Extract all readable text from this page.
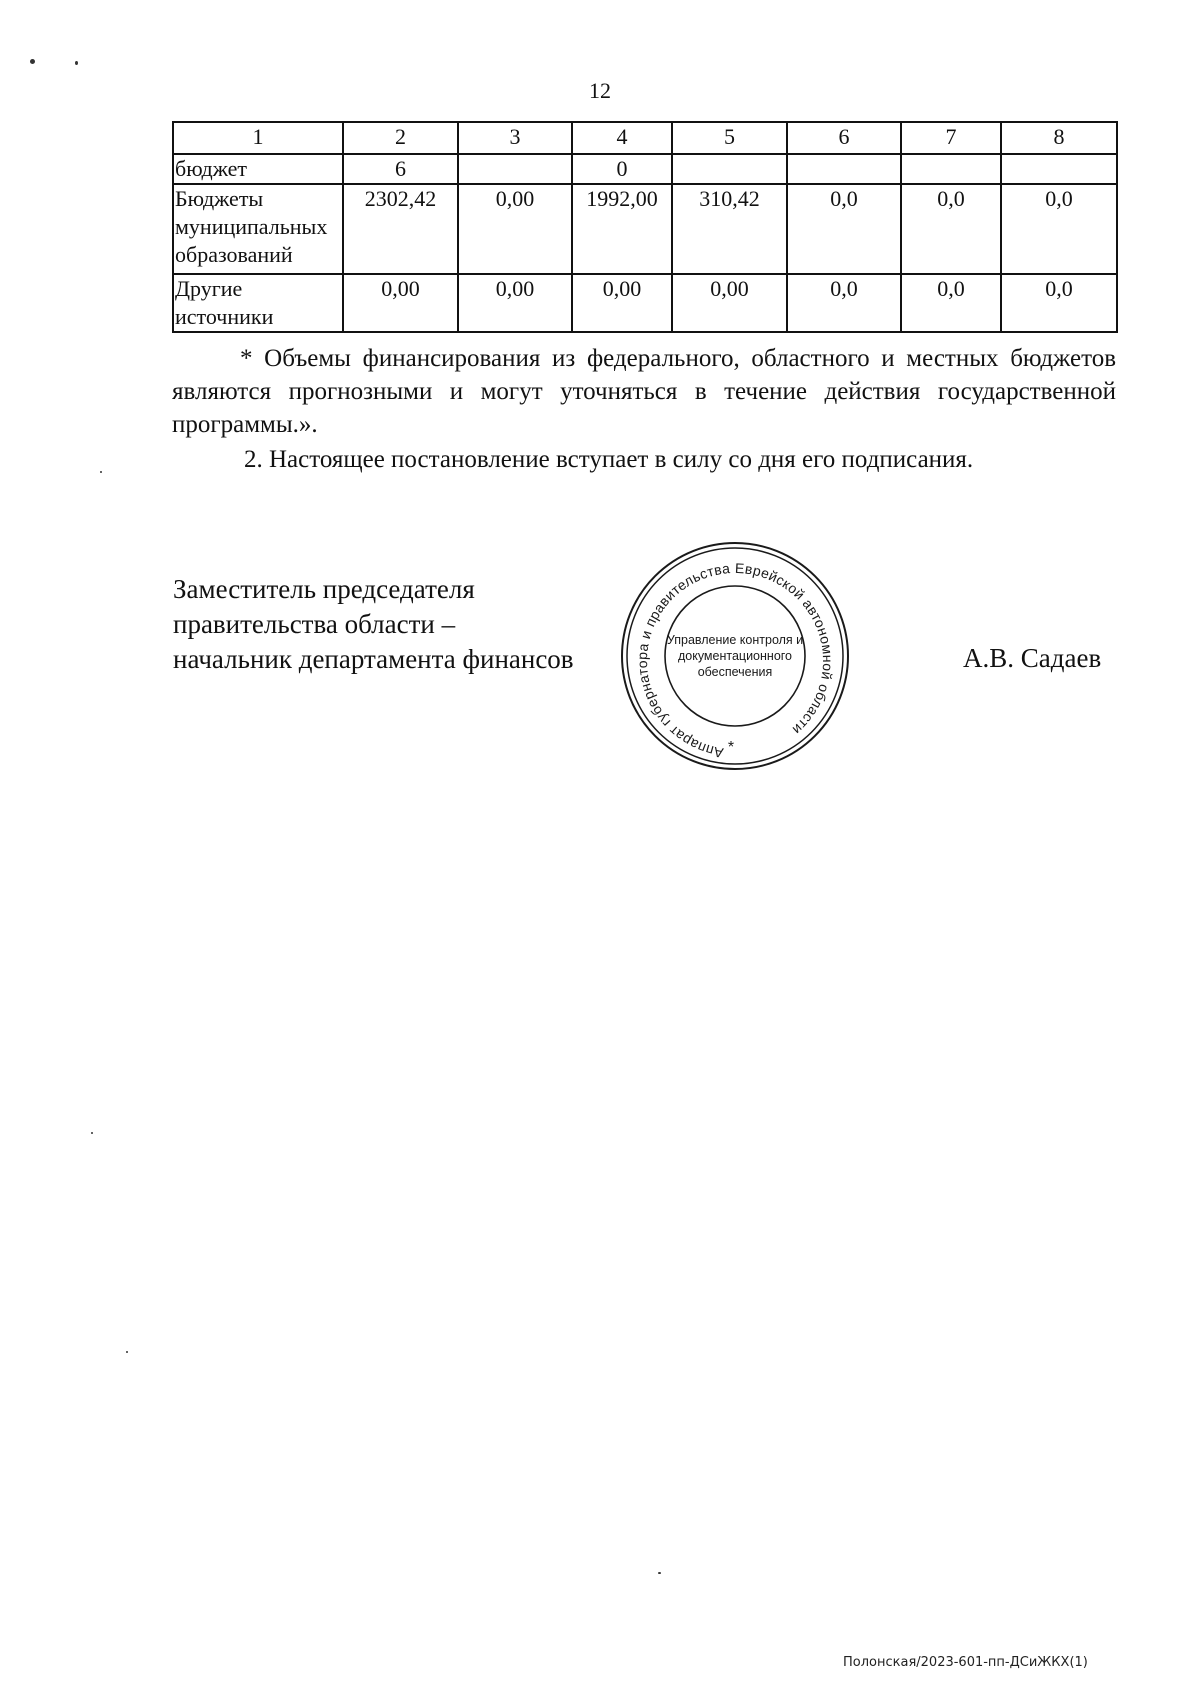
12
1	2	3	4	5	6	7	8
бюджет	6		0				
Бюджеты муниципальных образований	2302,42	0,00	1992,00	310,42	0,0	0,0	0,0
Другие источники	0,00	0,00	0,00	0,00	0,0	0,0	0,0
* Объемы финансирования из федерального, областного и местных бюджетов являются прогнозными и могут уточняться в течение действия государственной программы.».
2. Настоящее постановление вступает в силу со дня его подписания.
Заместитель председателя
правительства области –
начальник департамента финансов
Аппарат губернатора и правительства Еврейской автономной области
Управление контроля и
документационного
обеспечения
*
А.В. Садаев
Полонская/2023-601-пп-ДСиЖКХ(1)
